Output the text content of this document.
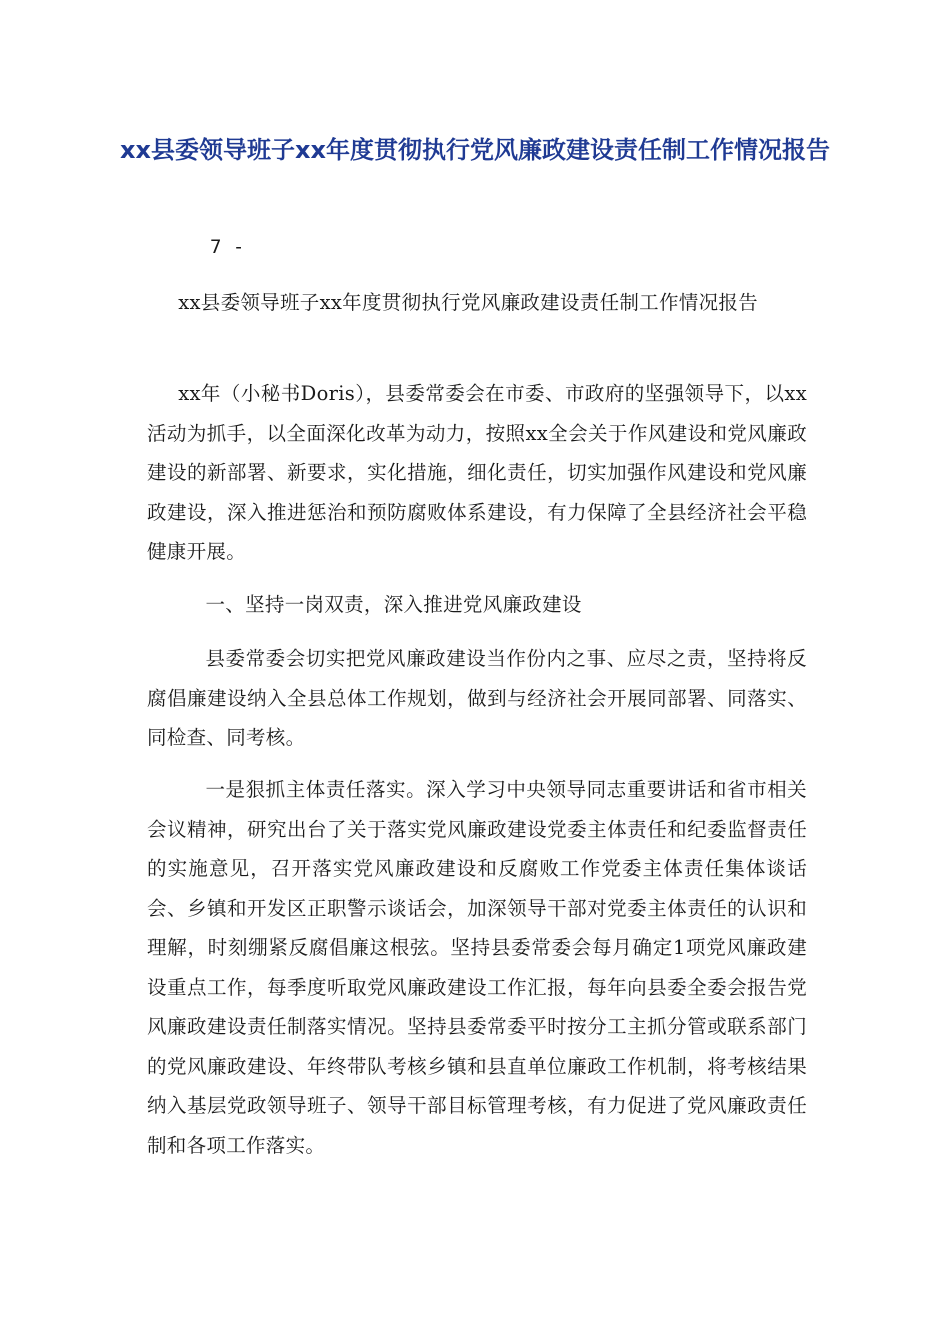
xx县委领导班子xx年度贯彻执行党风廉政建设责任制工作情况报告

7 -

xx县委领导班子xx年度贯彻执行党风廉政建设责任制工作情况报告

xx年（小秘书Doris），县委常委会在市委、市政府的坚强领导下，以xx活动为抓手，以全面深化改革为动力，按照xx全会关于作风建设和党风廉政建设的新部署、新要求，实化措施，细化责任，切实加强作风建设和党风廉政建设，深入推进惩治和预防腐败体系建设，有力保障了全县经济社会平稳健康开展。

一、坚持一岗双责，深入推进党风廉政建设

县委常委会切实把党风廉政建设当作份内之事、应尽之责，坚持将反腐倡廉建设纳入全县总体工作规划，做到与经济社会开展同部署、同落实、同检查、同考核。

一是狠抓主体责任落实。深入学习中央领导同志重要讲话和省市相关会议精神，研究出台了关于落实党风廉政建设党委主体责任和纪委监督责任的实施意见，召开落实党风廉政建设和反腐败工作党委主体责任集体谈话会、乡镇和开发区正职警示谈话会，加深领导干部对党委主体责任的认识和理解，时刻绷紧反腐倡廉这根弦。坚持县委常委会每月确定1项党风廉政建设重点工作，每季度听取党风廉政建设工作汇报，每年向县委全委会报告党风廉政建设责任制落实情况。坚持县委常委平时按分工主抓分管或联系部门的党风廉政建设、年终带队考核乡镇和县直单位廉政工作机制，将考核结果纳入基层党政领导班子、领导干部目标管理考核，有力促进了党风廉政责任制和各项工作落实。
